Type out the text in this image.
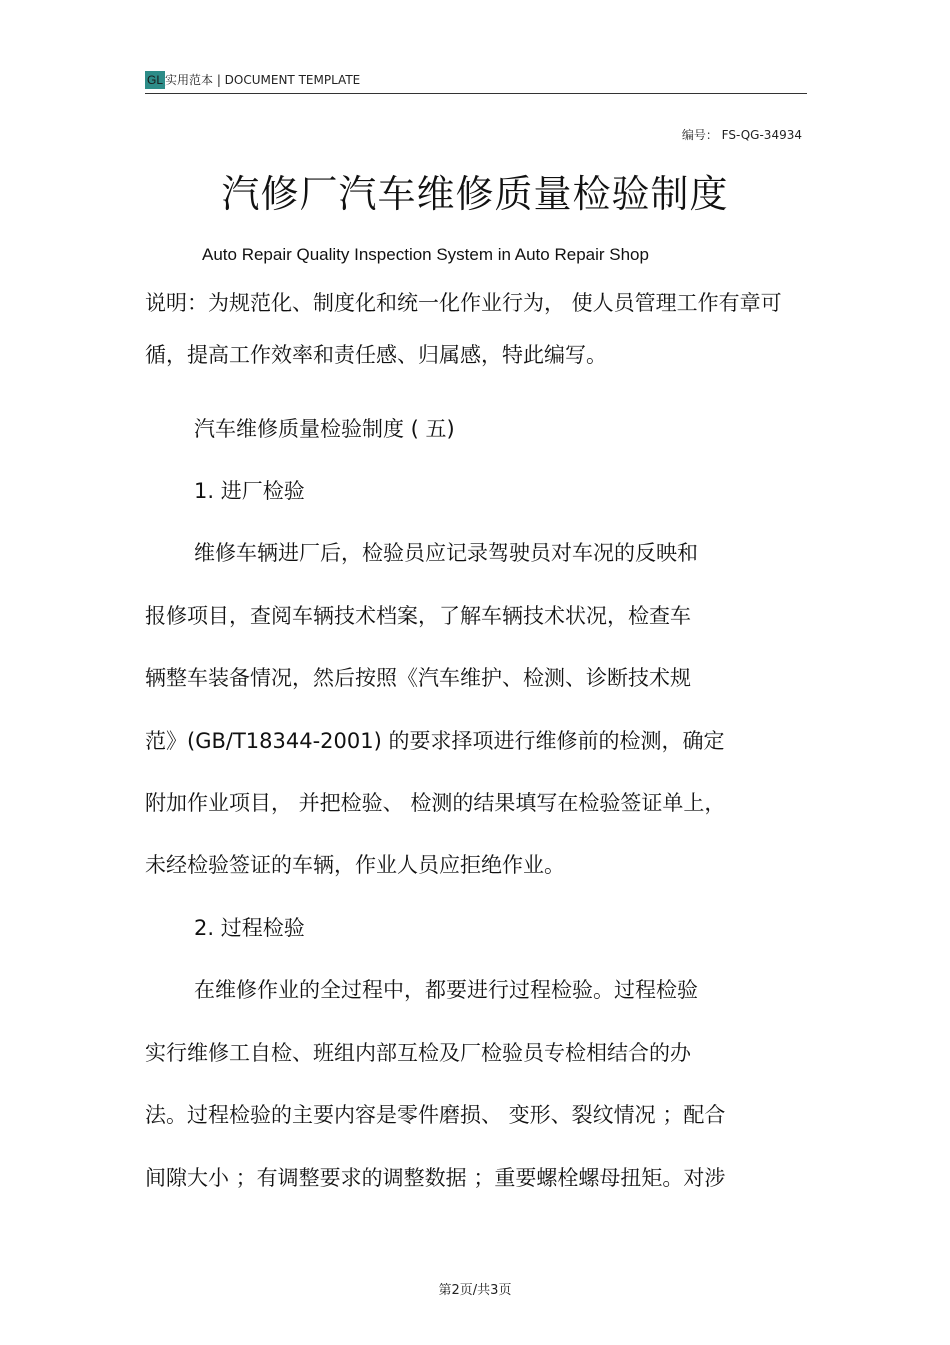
GL 实用范本 | DOCUMENT TEMPLATE
编号： FS-QG-34934
汽修厂汽车维修质量检验制度
Auto Repair Quality Inspection System in Auto Repair Shop
说明：为规范化、制度化和统一化作业行为， 使人员管理工作有章可
循，提高工作效率和责任感、归属感，特此编写。
汽车维修质量检验制度 ( 五)
1. 进厂检验
维修车辆进厂后，检验员应记录驾驶员对车况的反映和
报修项目，查阅车辆技术档案，了解车辆技术状况，检查车
辆整车装备情况，然后按照《汽车维护、检测、诊断技术规
范》(GB/T18344-2001) 的要求择项进行维修前的检测，确定
附加作业项目， 并把检验、 检测的结果填写在检验签证单上，
未经检验签证的车辆，作业人员应拒绝作业。
2. 过程检验
在维修作业的全过程中，都要进行过程检验。过程检验
实行维修工自检、班组内部互检及厂检验员专检相结合的办
法。过程检验的主要内容是零件磨损、 变形、裂纹情况 ；配合
间隙大小 ；有调整要求的调整数据 ；重要螺栓螺母扭矩。对涉
第2页/共3页
